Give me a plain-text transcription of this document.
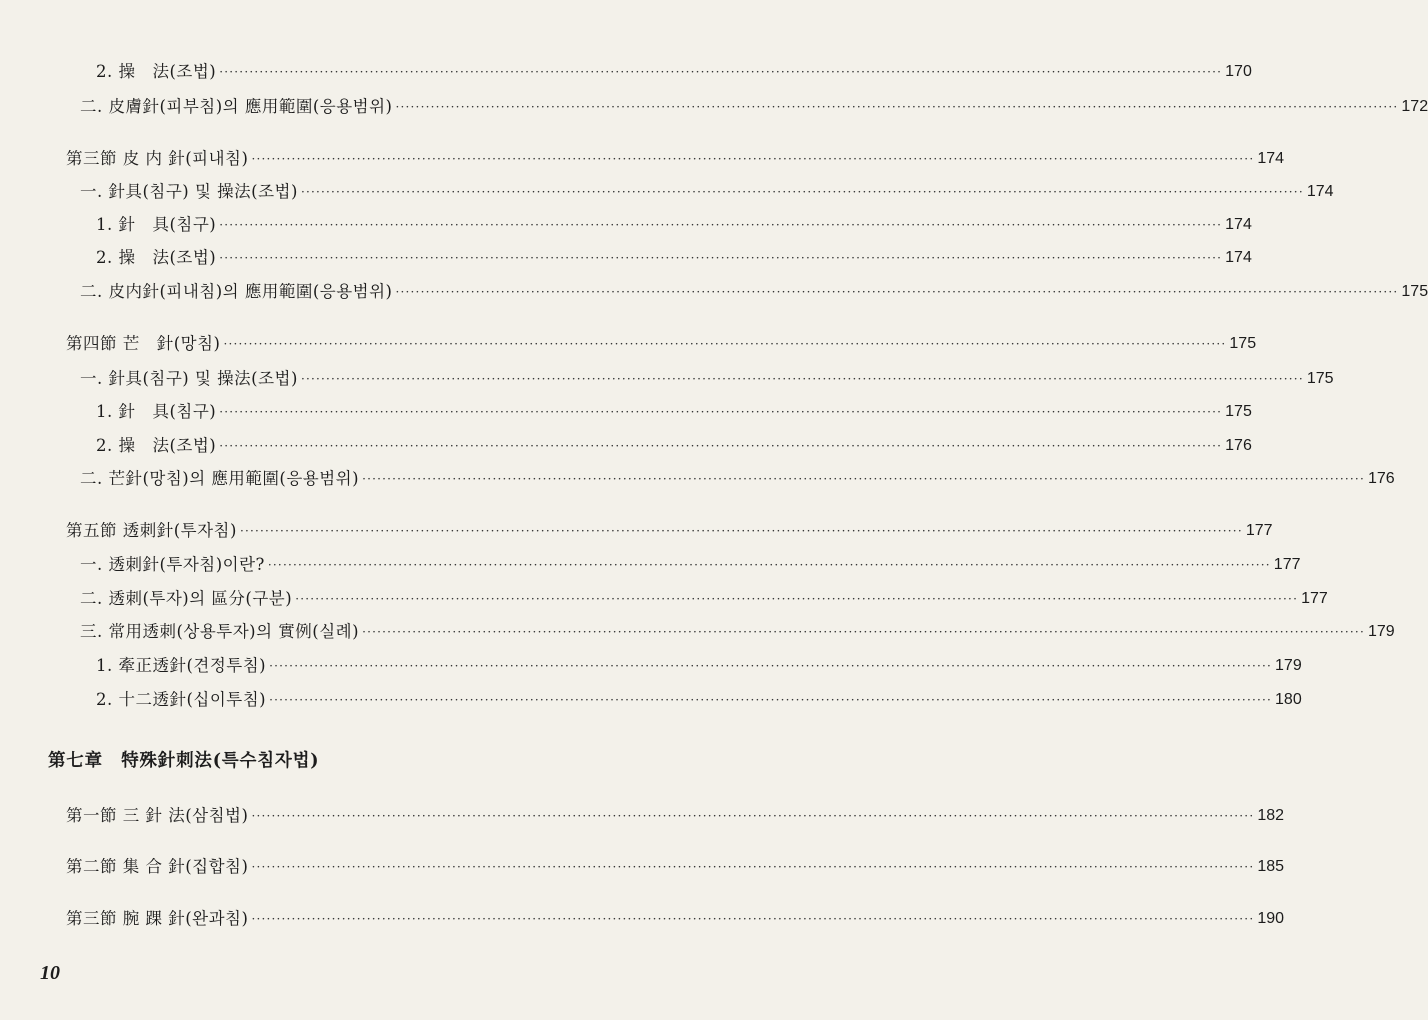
2. 操　法(조법) ········································································································································································································ 170
二. 皮膚針(피부침)의 應用範圍(응용범위) ········································································································································································································ 172
第三節 皮 内 針(피내침) ········································································································································································································ 174
一. 針具(침구) 및 操法(조법) ········································································································································································································ 174
1. 針　具(침구) ········································································································································································································ 174
2. 操　法(조법) ········································································································································································································ 174
二. 皮内針(피내침)의 應用範圍(응용범위) ········································································································································································································ 175
第四節 芒　針(망침) ········································································································································································································ 175
一. 針具(침구) 및 操法(조법) ········································································································································································································ 175
1. 針　具(침구) ········································································································································································································ 175
2. 操　法(조법) ········································································································································································································ 176
二. 芒針(망침)의 應用範圍(응용범위) ········································································································································································································ 176
第五節 透刺針(투자침) ········································································································································································································ 177
一. 透刺針(투자침)이란? ········································································································································································································ 177
二. 透刺(투자)의 區分(구분) ········································································································································································································ 177
三. 常用透刺(상용투자)의 實例(실례) ········································································································································································································ 179
1. 牽正透針(견정투침) ········································································································································································································ 179
2. 十二透針(십이투침) ········································································································································································································ 180
第七章　特殊針刺法(특수침자법)
第一節 三 針 法(삼침법) ········································································································································································································ 182
第二節 集 合 針(집합침) ········································································································································································································ 185
第三節 腕 踝 針(완과침) ········································································································································································································ 190
10
